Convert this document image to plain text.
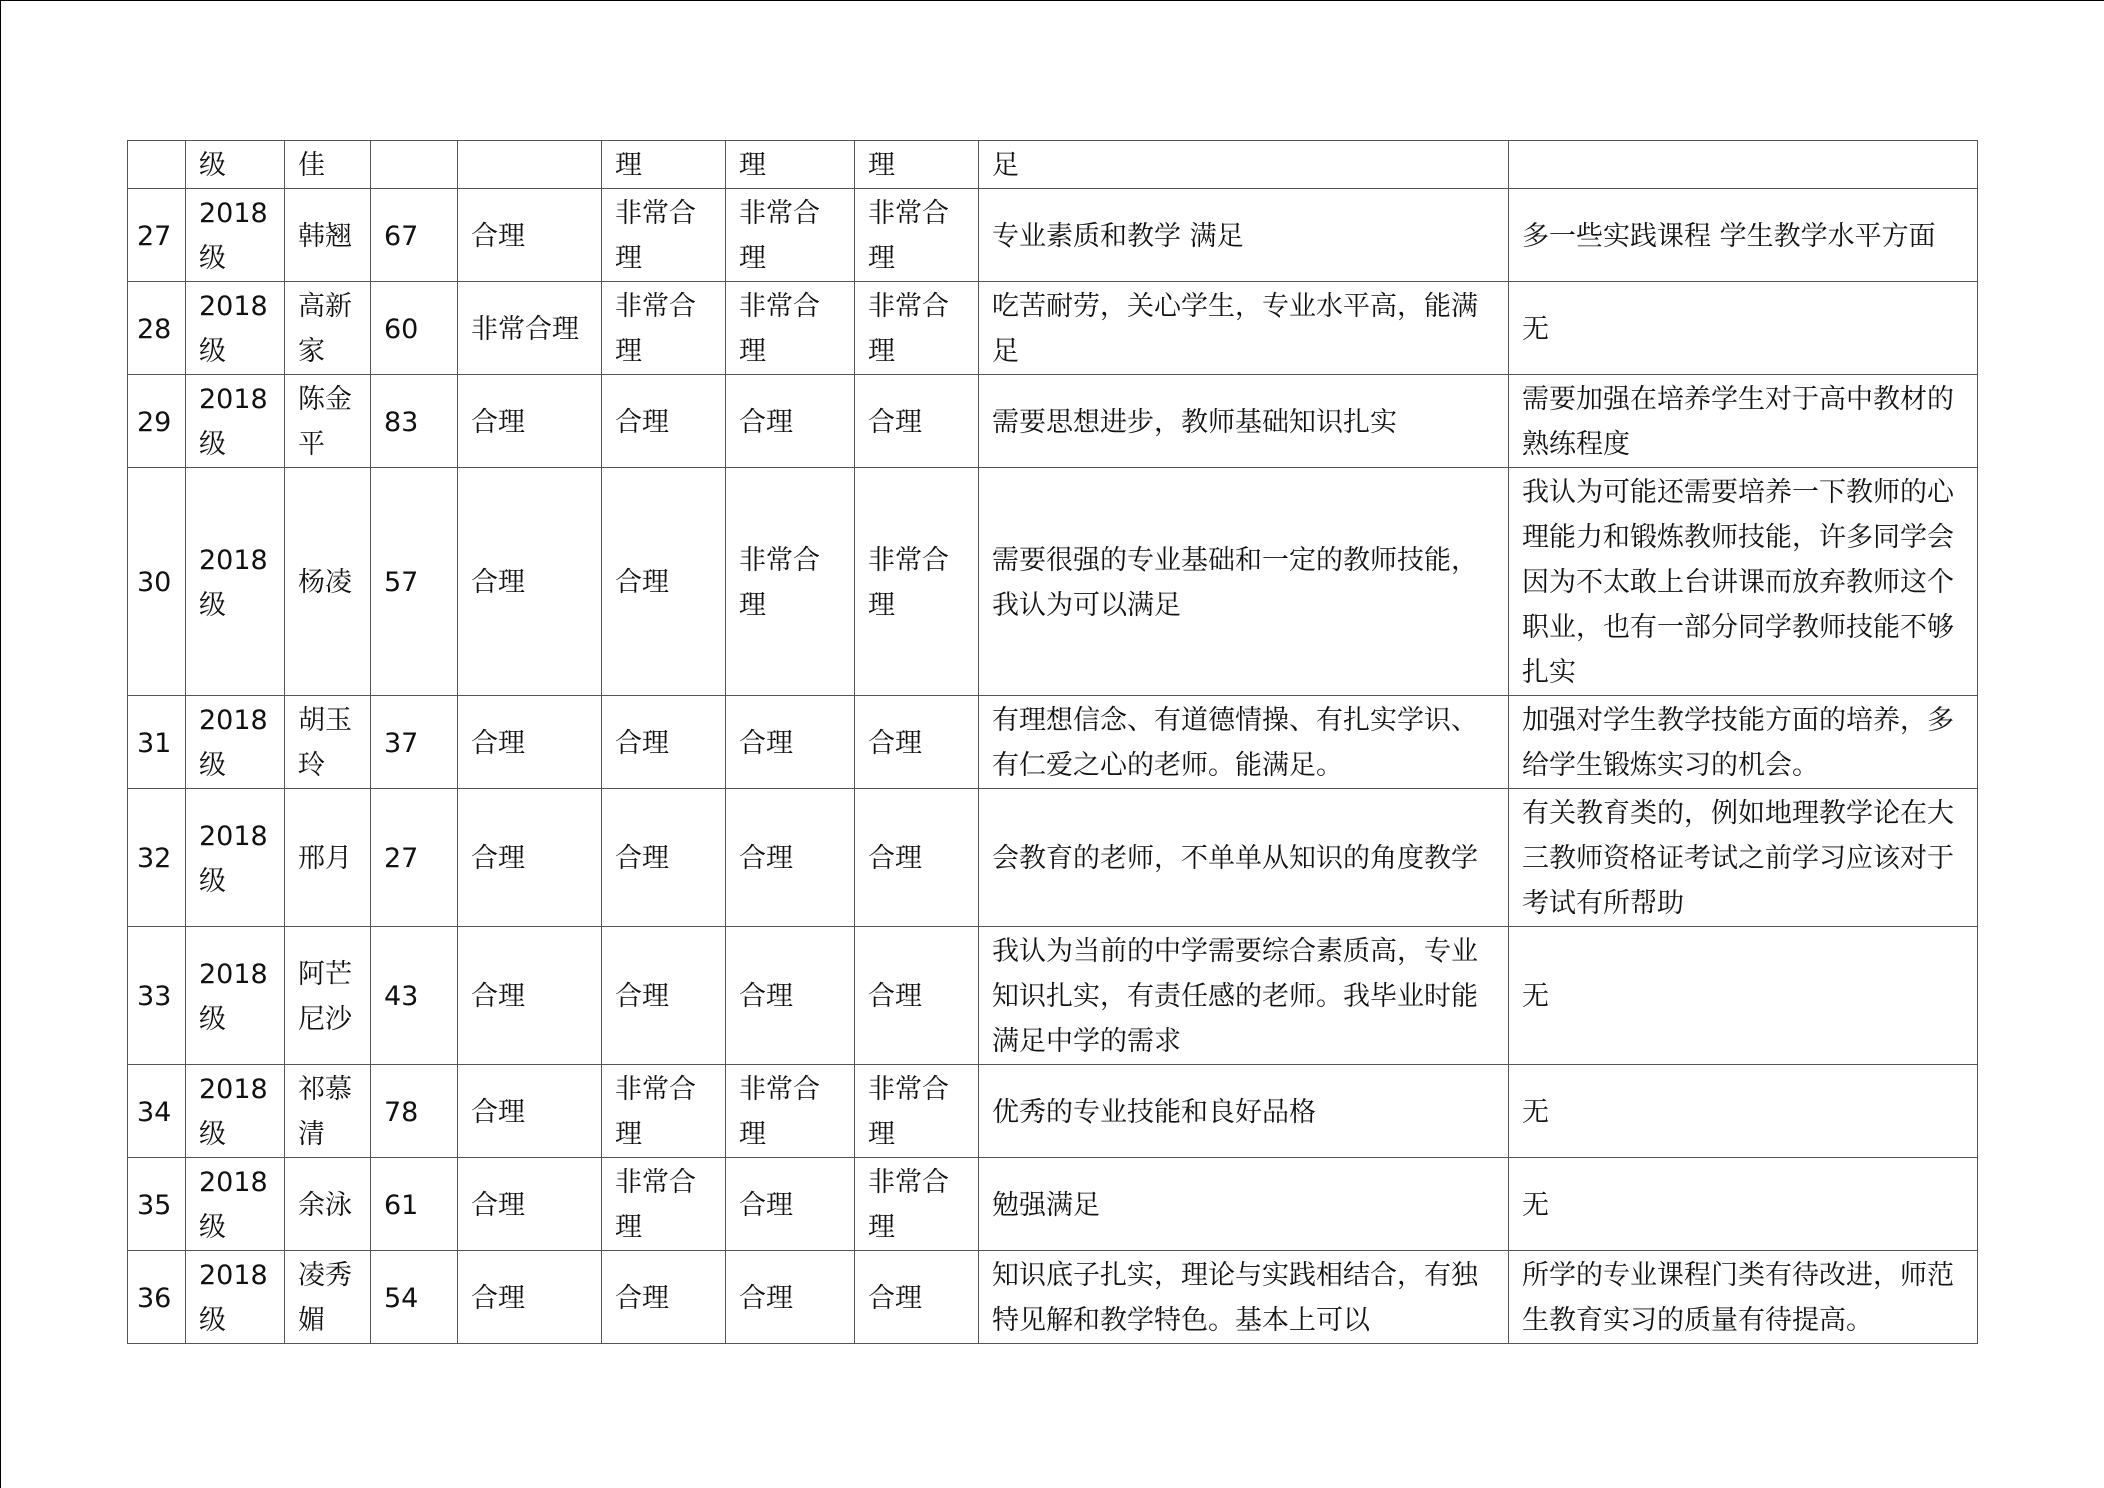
	级	佳			理	理	理	足	
27	2018级	韩翘	67	合理	非常合理	非常合理	非常合理	专业素质和教学 满足	多一些实践课程 学生教学水平方面
28	2018级	高新家	60	非常合理	非常合理	非常合理	非常合理	吃苦耐劳，关心学生，专业水平高，能满足	无
29	2018级	陈金平	83	合理	合理	合理	合理	需要思想进步，教师基础知识扎实	需要加强在培养学生对于高中教材的熟练程度
30	2018级	杨凌	57	合理	合理	非常合理	非常合理	需要很强的专业基础和一定的教师技能，我认为可以满足	我认为可能还需要培养一下教师的心理能力和锻炼教师技能，许多同学会因为不太敢上台讲课而放弃教师这个职业，也有一部分同学教师技能不够扎实
31	2018级	胡玉玲	37	合理	合理	合理	合理	有理想信念、有道德情操、有扎实学识、有仁爱之心的老师。能满足。	加强对学生教学技能方面的培养，多给学生锻炼实习的机会。
32	2018级	邢月	27	合理	合理	合理	合理	会教育的老师，不单单从知识的角度教学	有关教育类的，例如地理教学论在大三教师资格证考试之前学习应该对于考试有所帮助
33	2018级	阿芒尼沙	43	合理	合理	合理	合理	我认为当前的中学需要综合素质高，专业知识扎实，有责任感的老师。我毕业时能满足中学的需求	无
34	2018级	祁慕清	78	合理	非常合理	非常合理	非常合理	优秀的专业技能和良好品格	无
35	2018级	余泳	61	合理	非常合理	合理	非常合理	勉强满足	无
36	2018级	凌秀媚	54	合理	合理	合理	合理	知识底子扎实，理论与实践相结合，有独特见解和教学特色。基本上可以	所学的专业课程门类有待改进，师范生教育实习的质量有待提高。
